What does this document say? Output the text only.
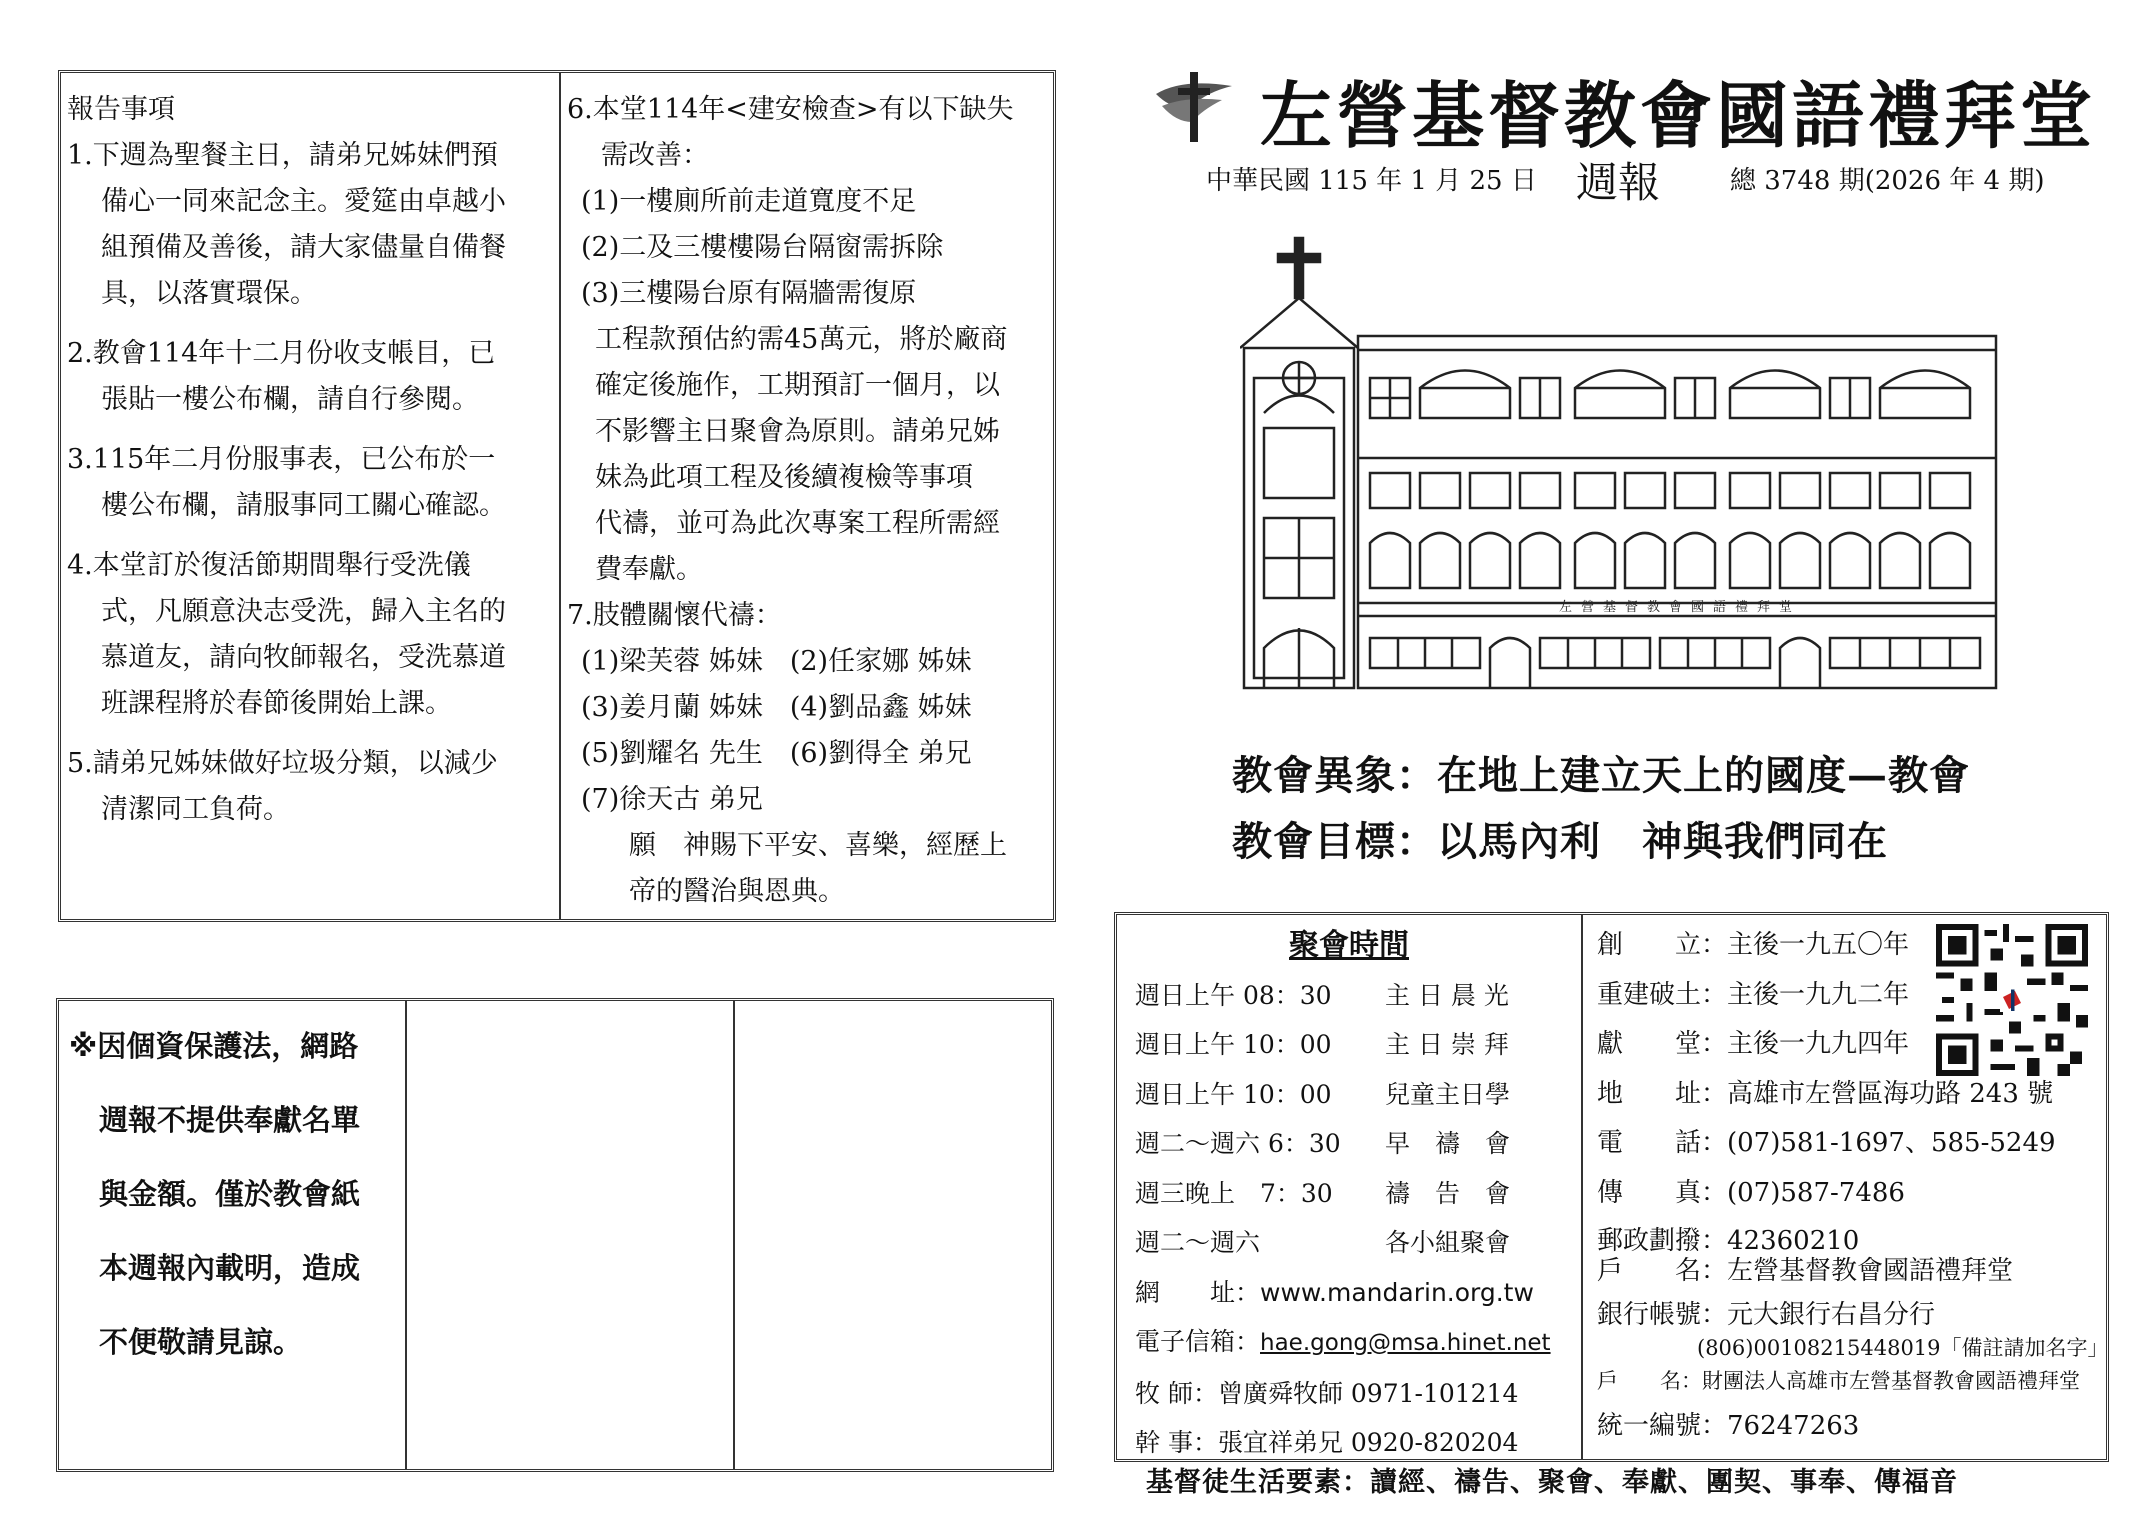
報告事項

1.下週為聖餐主日，請弟兄姊妹們預

備心一同來記念主。愛筵由卓越小

組預備及善後，請大家儘量自備餐

具，以落實環保。

2.教會114年十二月份收支帳目，已

張貼一樓公布欄，請自行參閱。

3.115年二月份服事表，已公布於一

樓公布欄，請服事同工關心確認。

4.本堂訂於復活節期間舉行受洗儀

式，凡願意決志受洗，歸入主名的

慕道友，請向牧師報名，受洗慕道

班課程將於春節後開始上課。

5.請弟兄姊妹做好垃圾分類，以減少

清潔同工負荷。

6.本堂114年<建安檢查>有以下缺失

需改善：

(1)一樓廁所前走道寬度不足

(2)二及三樓樓陽台隔窗需拆除

(3)三樓陽台原有隔牆需復原

工程款預估約需45萬元，將於廠商

確定後施作，工期預訂一個月，以

不影響主日聚會為原則。請弟兄姊

妹為此項工程及後續複檢等事項

代禱，並可為此次專案工程所需經

費奉獻。

7.肢體關懷代禱：

(1)梁芙蓉 姊妹　(2)任家娜 姊妹

(3)姜月蘭 姊妹　(4)劉品鑫 姊妹

(5)劉耀名 先生　(6)劉得全 弟兄

(7)徐天古 弟兄

願　神賜下平安、喜樂，經歷上

帝的醫治與恩典。

※因個資保護法，網路
週報不提供奉獻名單
與金額。僅於教會紙
本週報內載明，造成
不便敬請見諒。
左營基督教會國語禮拜堂
中華民國 115 年 1 月 25 日 週報	總 3748 期(2026 年 4 期)
左營基督教會國語禮拜堂
教會異象：在地上建立天上的國度—教會
教會目標：以馬內利　神與我們同在
聚會時間
週日上午 08：30 主 日 晨 光
週日上午 10：00 主 日 崇 拜
週日上午 10：00 兒童主日學
週二～週六 6：30 早　禱　會
週三晚上　7：30 禱　告　會
週二～週六	各小組聚會
網　　址：www.mandarin.org.tw
電子信箱：hae.gong@msa.hinet.net
牧 師：曾廣舜牧師 0971-101214
幹 事：張宜祥弟兄 0920-820204
創　　立：主後一九五〇年
重建破土：主後一九九二年
獻　　堂：主後一九九四年
地　　址：高雄市左營區海功路 243 號
電　　話：(07)581-1697、585-5249
傳　　真：(07)587-7486
郵政劃撥：42360210
戶　　名：左營基督教會國語禮拜堂
銀行帳號：元大銀行右昌分行
(806)00108215448019「備註請加名字」
戶　　名：財團法人高雄市左營基督教會國語禮拜堂
統一編號：76247263
基督徒生活要素：讀經、禱告、聚會、奉獻、團契、事奉、傳福音
